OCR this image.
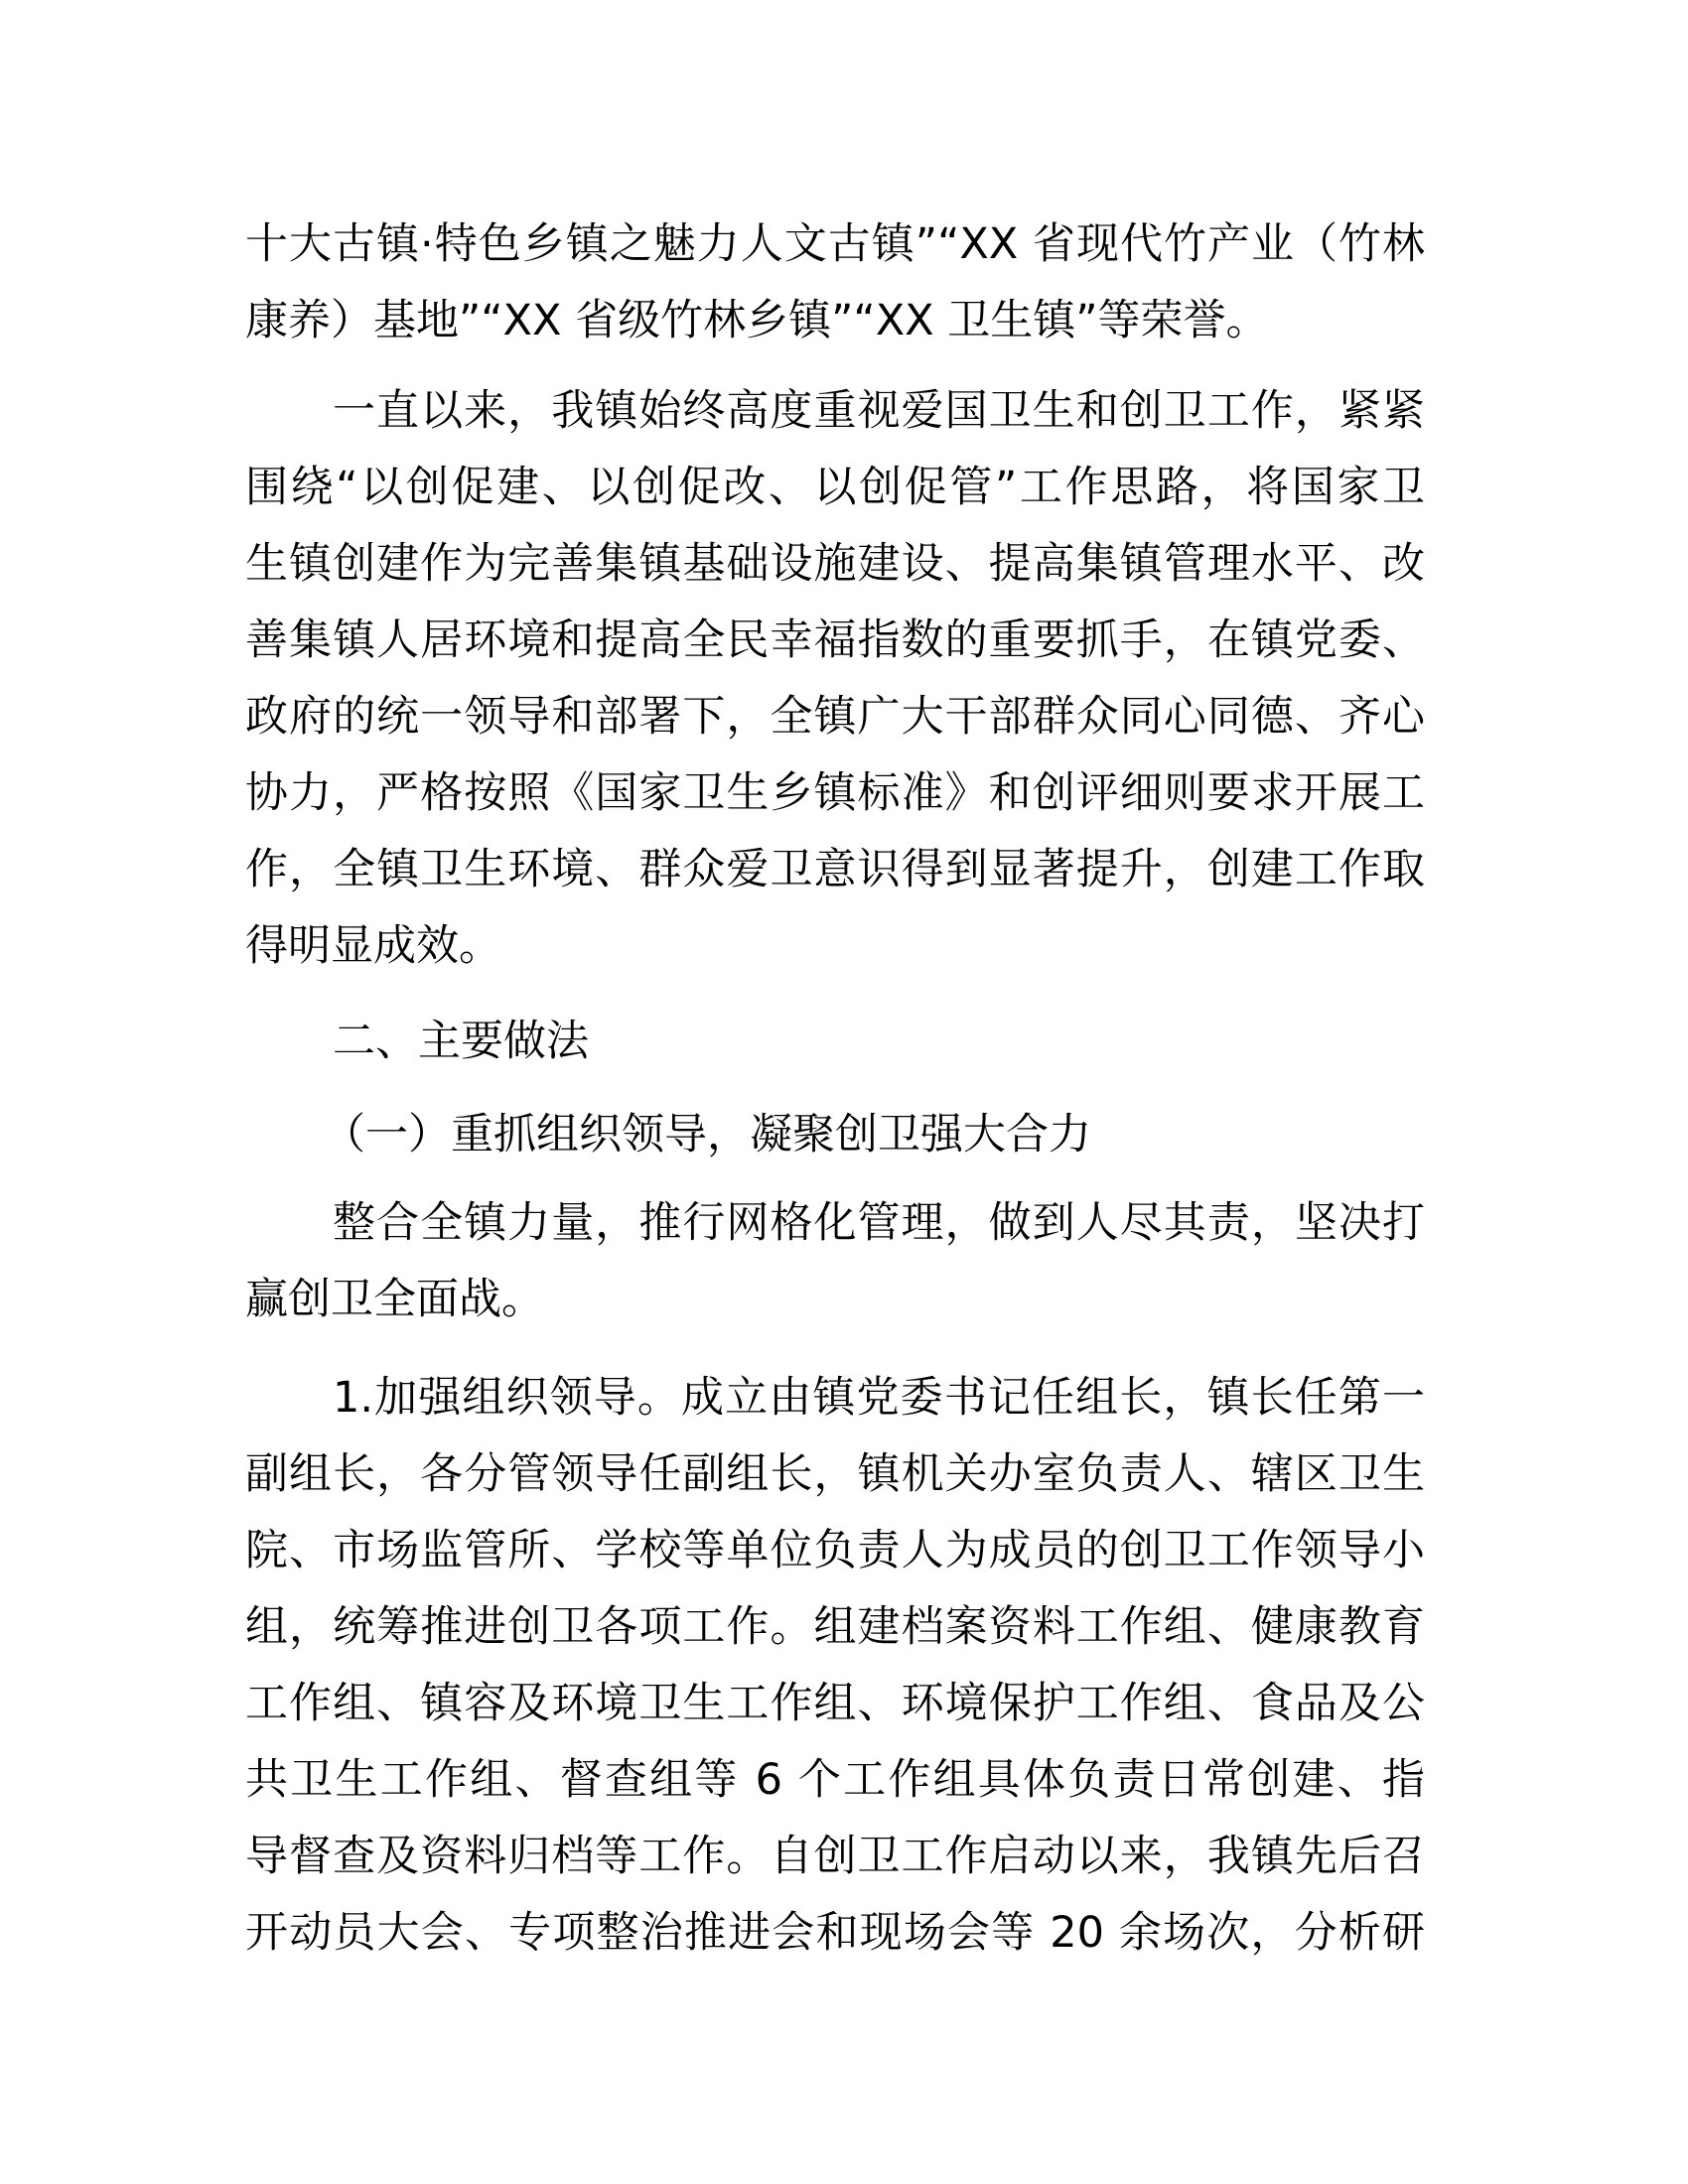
十大古镇·特色乡镇之魅力人文古镇”“XX 省现代竹产业（竹林
康养）基地”“XX 省级竹林乡镇”“XX 卫生镇”等荣誉。
一直以来，我镇始终高度重视爱国卫生和创卫工作，紧紧
围绕“以创促建、以创促改、以创促管”工作思路，将国家卫
生镇创建作为完善集镇基础设施建设、提高集镇管理水平、改
善集镇人居环境和提高全民幸福指数的重要抓手，在镇党委、
政府的统一领导和部署下，全镇广大干部群众同心同德、齐心
协力，严格按照《国家卫生乡镇标准》和创评细则要求开展工
作，全镇卫生环境、群众爱卫意识得到显著提升，创建工作取
得明显成效。
二、主要做法
（一）重抓组织领导，凝聚创卫强大合力
整合全镇力量，推行网格化管理，做到人尽其责，坚决打
赢创卫全面战。
1.加强组织领导。成立由镇党委书记任组长，镇长任第一
副组长，各分管领导任副组长，镇机关办室负责人、辖区卫生
院、市场监管所、学校等单位负责人为成员的创卫工作领导小
组，统筹推进创卫各项工作。组建档案资料工作组、健康教育
工作组、镇容及环境卫生工作组、环境保护工作组、食品及公
共卫生工作组、督查组等 6 个工作组具体负责日常创建、指
导督查及资料归档等工作。自创卫工作启动以来，我镇先后召
开动员大会、专项整治推进会和现场会等 20 余场次，分析研
